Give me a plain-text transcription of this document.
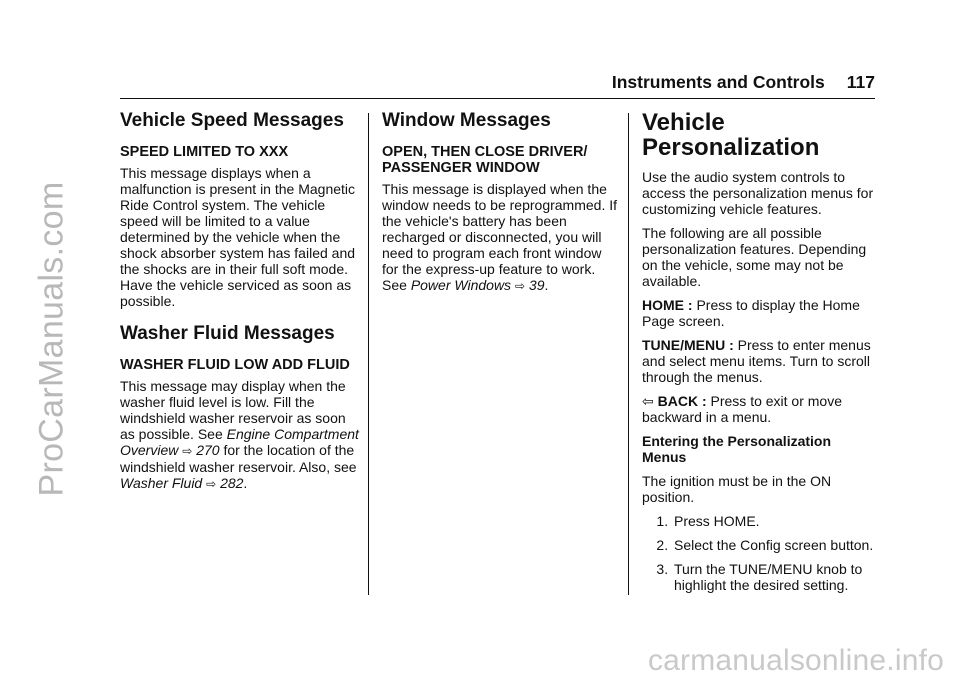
ProCarManuals.com
carmanualsonline.info
Instruments and Controls 117
Vehicle Speed Messages
SPEED LIMITED TO XXX

This message displays when a malfunction is present in the Magnetic Ride Control system. The vehicle speed will be limited to a value determined by the vehicle when the shock absorber system has failed and the shocks are in their full soft mode. Have the vehicle serviced as soon as possible.

Washer Fluid Messages
WASHER FLUID LOW ADD FLUID

This message may display when the washer fluid level is low. Fill the windshield washer reservoir as soon as possible. See Engine Compartment Overview ⇨ 270 for the location of the windshield washer reservoir. Also, see Washer Fluid ⇨ 282.

Window Messages
OPEN, THEN CLOSE DRIVER/ PASSENGER WINDOW

This message is displayed when the window needs to be reprogrammed. If the vehicle's battery has been recharged or disconnected, you will need to program each front window for the express-up feature to work. See Power Windows ⇨ 39.

Vehicle Personalization

Use the audio system controls to access the personalization menus for customizing vehicle features.

The following are all possible personalization features. Depending on the vehicle, some may not be available.

HOME : Press to display the Home Page screen.

TUNE/MENU : Press to enter menus and select menu items. Turn to scroll through the menus.

⇦ BACK : Press to exit or move backward in a menu.

Entering the Personalization Menus

The ignition must be in the ON position.

1. Press HOME.
2. Select the Config screen button.
3. Turn the TUNE/MENU knob to highlight the desired setting.
